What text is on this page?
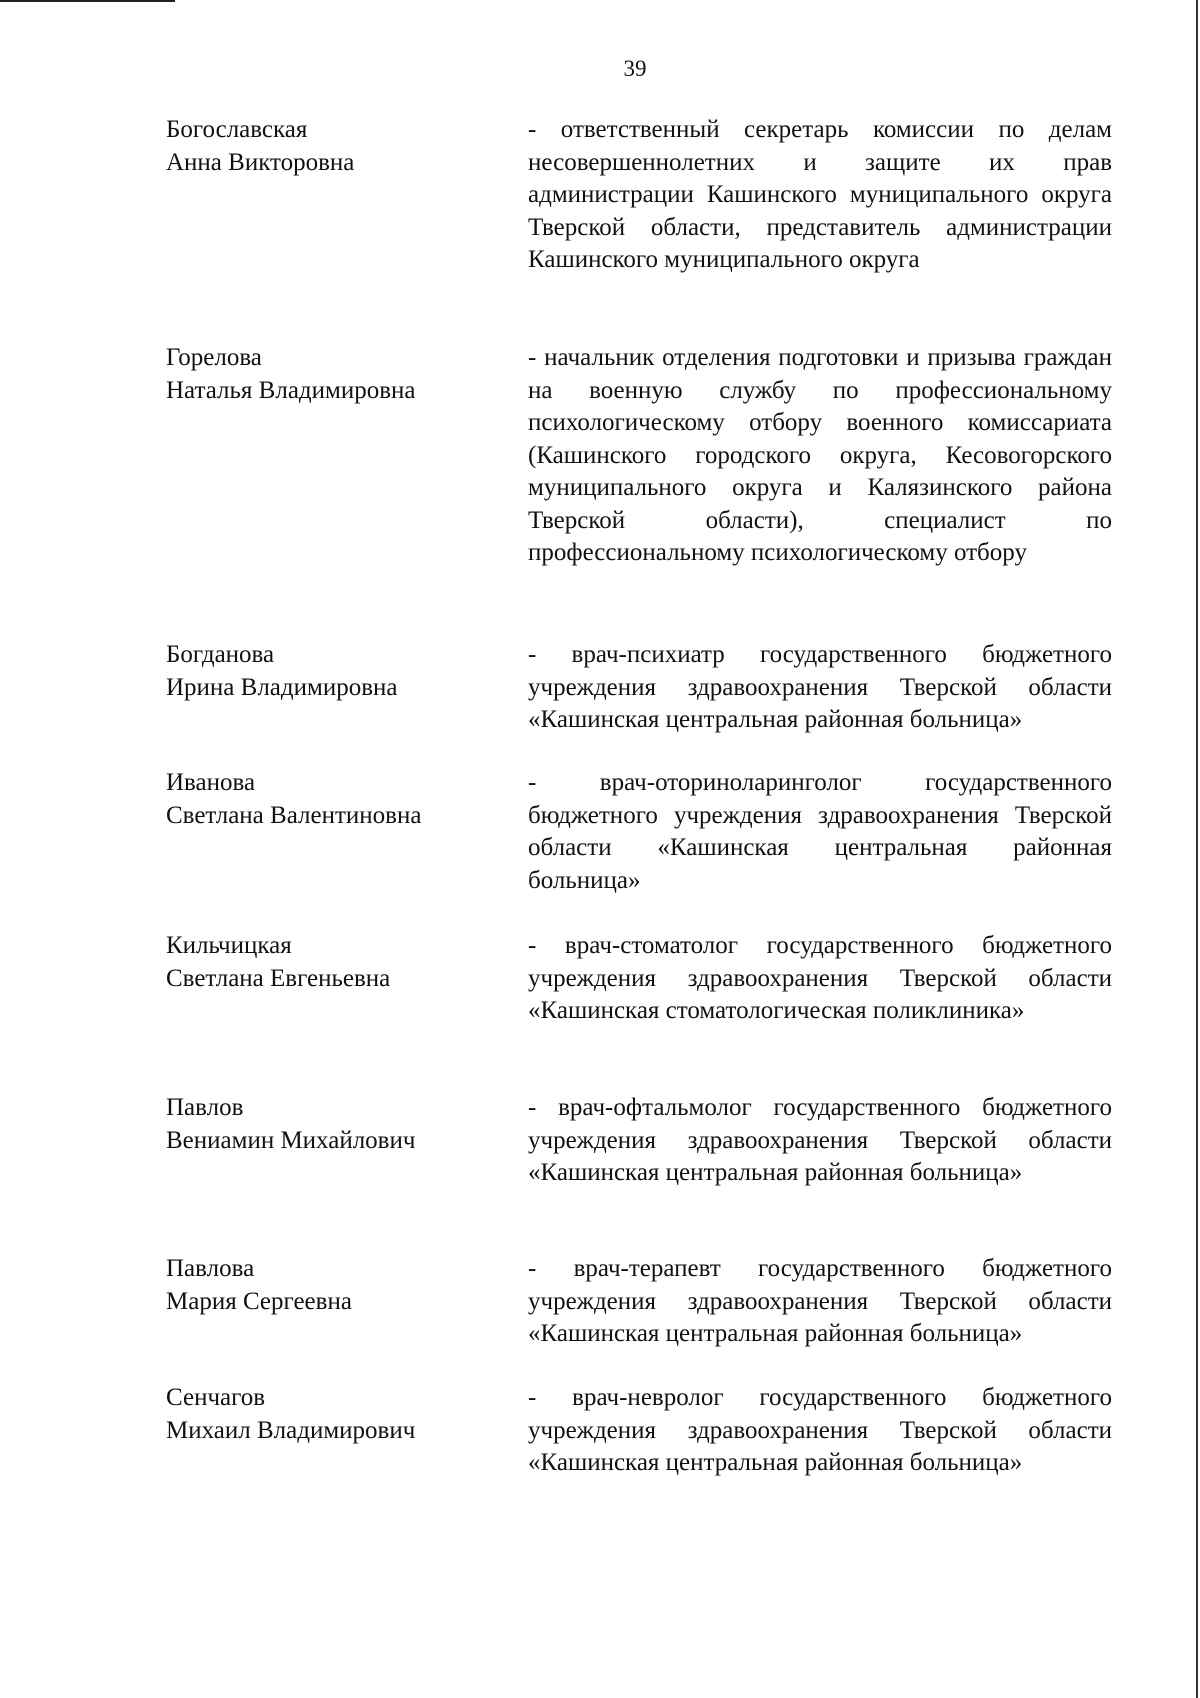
39
Богославская
Анна Викторовна
- ответственный секретарь комиссии по делам несовершеннолетних и защите их прав администрации Кашинского муниципального округа Тверской области, представитель администрации Кашинского муниципального округа
Горелова
Наталья Владимировна
- начальник отделения подготовки и призыва граждан на военную службу по профессиональному психологическому отбору военного комиссариата (Кашинского городского округа, Кесовогорского муниципального округа и Калязинского района Тверской области), специалист по профессиональному психологическому отбору
Богданова
Ирина Владимировна
- врач-психиатр государственного бюджетного учреждения здравоохранения Тверской области «Кашинская центральная районная больница»
Иванова
Светлана Валентиновна
- врач-оториноларинголог государственного бюджетного учреждения здравоохранения Тверской области «Кашинская центральная районная больница»
Кильчицкая
Светлана Евгеньевна
- врач-стоматолог государственного бюджетного учреждения здравоохранения Тверской области «Кашинская стоматологическая поликлиника»
Павлов
Вениамин Михайлович
- врач-офтальмолог государственного бюджетного учреждения здравоохранения Тверской области «Кашинская центральная районная больница»
Павлова
Мария Сергеевна
- врач-терапевт государственного бюджетного учреждения здравоохранения Тверской области «Кашинская центральная районная больница»
Сенчагов
Михаил Владимирович
- врач-невролог государственного бюджетного учреждения здравоохранения Тверской области «Кашинская центральная районная больница»
